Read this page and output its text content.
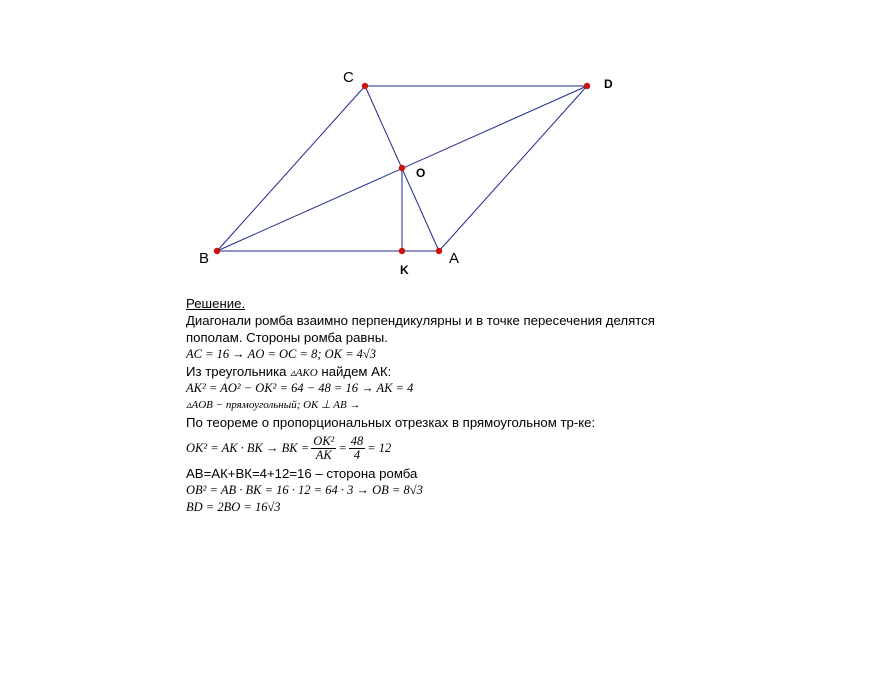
C	D
O
B
K
A
Решение.
Диагонали ромба взаимно перпендикулярны и в точке пересечения делятся
пополам. Стороны ромба равны.
AC = 16 → AO = OC = 8; OK = 4√3
Из треугольника ▵AKO найдем АК:
AK² = AO² − OK² = 64 − 48 = 16 → AK = 4
▵AOB − прямоугольный; OK ⊥ AB →
По теореме о пропорциональных отрезках в прямоугольном тр-ке:
OK² = AK · BK → BK = $\frac{\text{OK²}}{AK} = \frac{48}{4} = 12$
АВ=АК+ВК=4+12=16 – сторона ромба
OB² = AB · BK = 16 · 12 = 64 · 3 → OB = 8√3
BD = 2BO = 16√3
